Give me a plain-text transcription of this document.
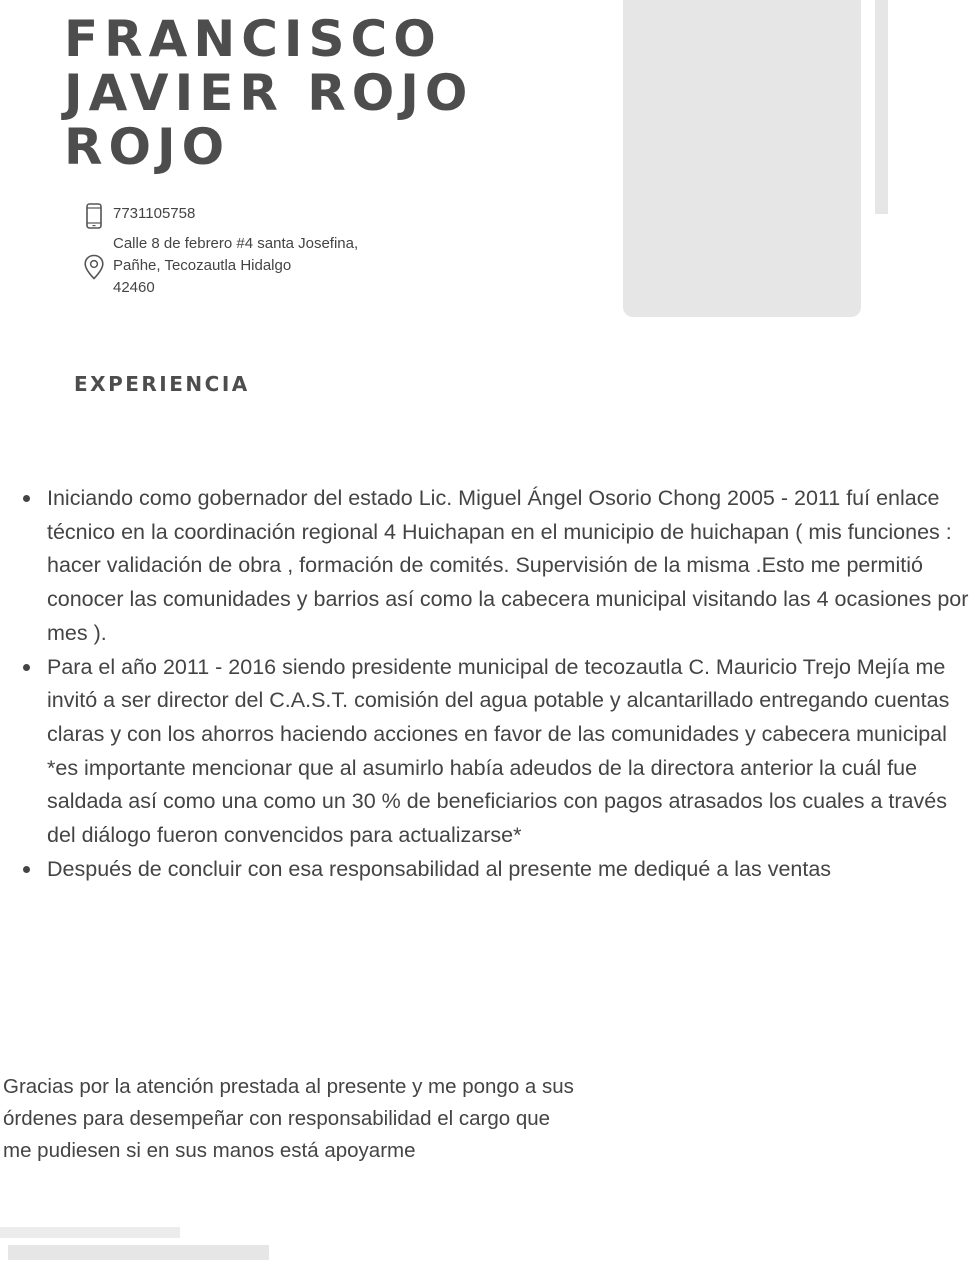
FRANCISCO
JAVIER ROJO
ROJO
7731105758
Calle 8 de febrero #4 santa Josefina,
Pañhe, Tecozautla Hidalgo
42460
EXPERIENCIA
Iniciando como gobernador del estado Lic. Miguel Ángel Osorio Chong 2005 - 2011 fuí enlace técnico en la coordinación regional 4 Huichapan en el municipio de huichapan ( mis funciones : hacer validación de obra , formación de comités. Supervisión de la misma .Esto me permitió conocer las comunidades y barrios así como la cabecera municipal visitando las 4 ocasiones por mes ).
Para el año 2011 - 2016 siendo presidente municipal de tecozautla C. Mauricio Trejo Mejía me invitó a ser director del C.A.S.T. comisión del agua potable y alcantarillado entregando cuentas claras y con los ahorros haciendo acciones en favor de las comunidades y cabecera municipal *es importante mencionar que al asumirlo había adeudos de la directora anterior la cuál fue saldada así como una como un 30 % de beneficiarios con pagos atrasados los cuales a través del diálogo fueron convencidos para actualizarse*
Después de concluir con esa responsabilidad al presente me dediqué a las ventas
Gracias por la atención prestada al presente y me pongo a sus
órdenes para desempeñar con responsabilidad el cargo que
me pudiesen si en sus manos está apoyarme
